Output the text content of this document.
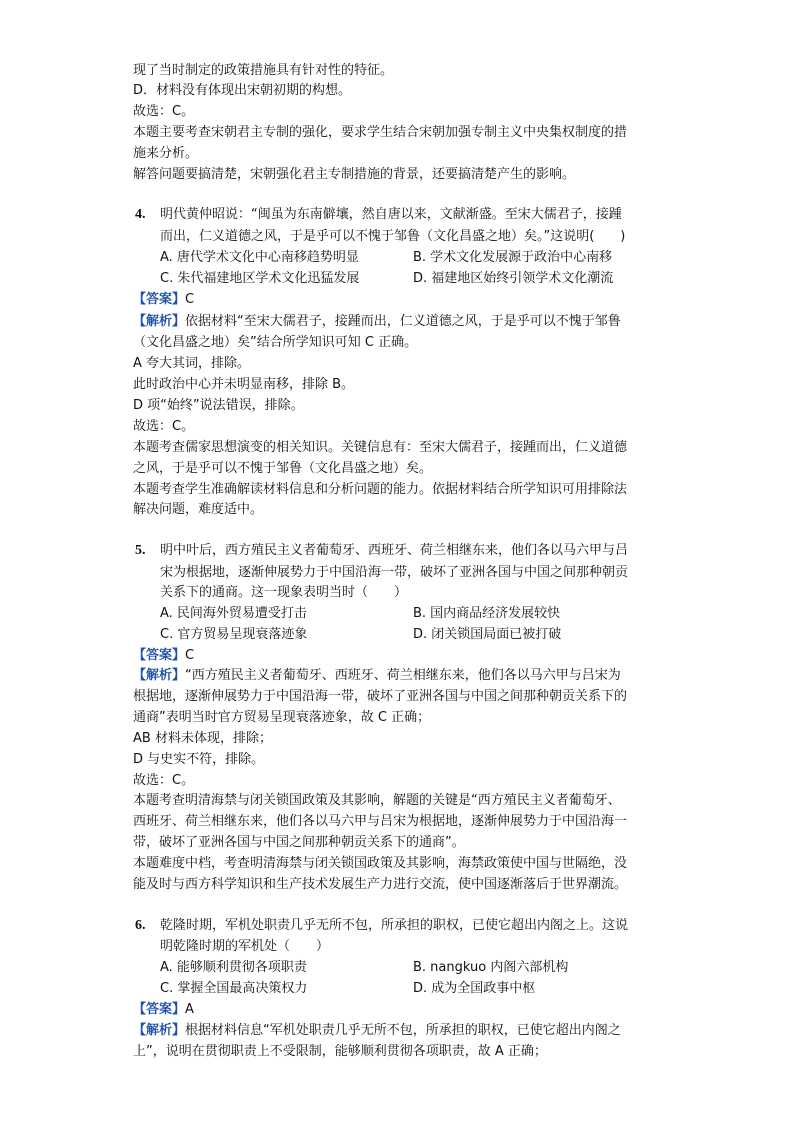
现了当时制定的政策措施具有针对性的特征。
D．材料没有体现出宋朝初期的构想。
故选：C。
本题主要考查宋朝君主专制的强化，要求学生结合宋朝加强专制主义中央集权制度的措
施来分析。
解答问题要搞清楚，宋朝强化君主专制措施的背景，还要搞清楚产生的影响。
4.	明代黄仲昭说：“闽虽为东南僻壤，然自唐以来，文献渐盛。至宋大儒君子，接踵
而出，仁义道德之风，于是乎可以不愧于邹鲁（文化昌盛之地）矣。”这说明(　　)
A. 唐代学术文化中心南移趋势明显	B. 学术文化发展源于政治中心南移
C. 朱代福建地区学术文化迅猛发展	D. 福建地区始终引领学术文化潮流
【答案】C
【解析】依据材料“至宋大儒君子，接踵而出，仁义道德之风，于是乎可以不愧于邹鲁
（文化昌盛之地）矣”结合所学知识可知 C 正确。
A 夸大其词，排除。
此时政治中心并未明显南移，排除 B。
D 项“始终”说法错误，排除。
故选：C。
本题考查儒家思想演变的相关知识。关键信息有：至宋大儒君子，接踵而出，仁义道德
之风，于是乎可以不愧于邹鲁（文化昌盛之地）矣。
本题考查学生准确解读材料信息和分析问题的能力。依据材料结合所学知识可用排除法
解决问题，难度适中。
5.	明中叶后，西方殖民主义者葡萄牙、西班牙、荷兰相继东来，他们各以马六甲与吕
宋为根据地，逐渐伸展势力于中国沿海一带，破坏了亚洲各国与中国之间那种朝贡
关系下的通商。这一现象表明当时（　　）
A. 民间海外贸易遭受打击	B. 国内商品经济发展较快
C. 官方贸易呈现衰落迹象	D. 闭关锁国局面已被打破
【答案】C
【解析】“西方殖民主义者葡萄牙、西班牙、荷兰相继东来，他们各以马六甲与吕宋为
根据地，逐渐伸展势力于中国沿海一带，破坏了亚洲各国与中国之间那种朝贡关系下的
通商”表明当时官方贸易呈现衰落迹象，故 C 正确；
AB 材料未体现，排除；
D 与史实不符，排除。
故选：C。
本题考查明清海禁与闭关锁国政策及其影响，解题的关键是“西方殖民主义者葡萄牙、
西班牙、荷兰相继东来，他们各以马六甲与吕宋为根据地，逐渐伸展势力于中国沿海一
带，破坏了亚洲各国与中国之间那种朝贡关系下的通商”。
本题难度中档，考查明清海禁与闭关锁国政策及其影响，海禁政策使中国与世隔绝，没
能及时与西方科学知识和生产技术发展生产力进行交流，使中国逐渐落后于世界潮流。
6.	乾隆时期，军机处职责几乎无所不包，所承担的职权，已使它超出内阁之上。这说
明乾隆时期的军机处（　　）
A. 能够顺利贯彻各项职责	B. nangkuo 内阁六部机构
C. 掌握全国最高决策权力	D. 成为全国政事中枢
【答案】A
【解析】根据材料信息“军机处职责几乎无所不包，所承担的职权，已使它超出内阁之
上”，说明在贯彻职责上不受限制，能够顺利贯彻各项职责，故 A 正确；
